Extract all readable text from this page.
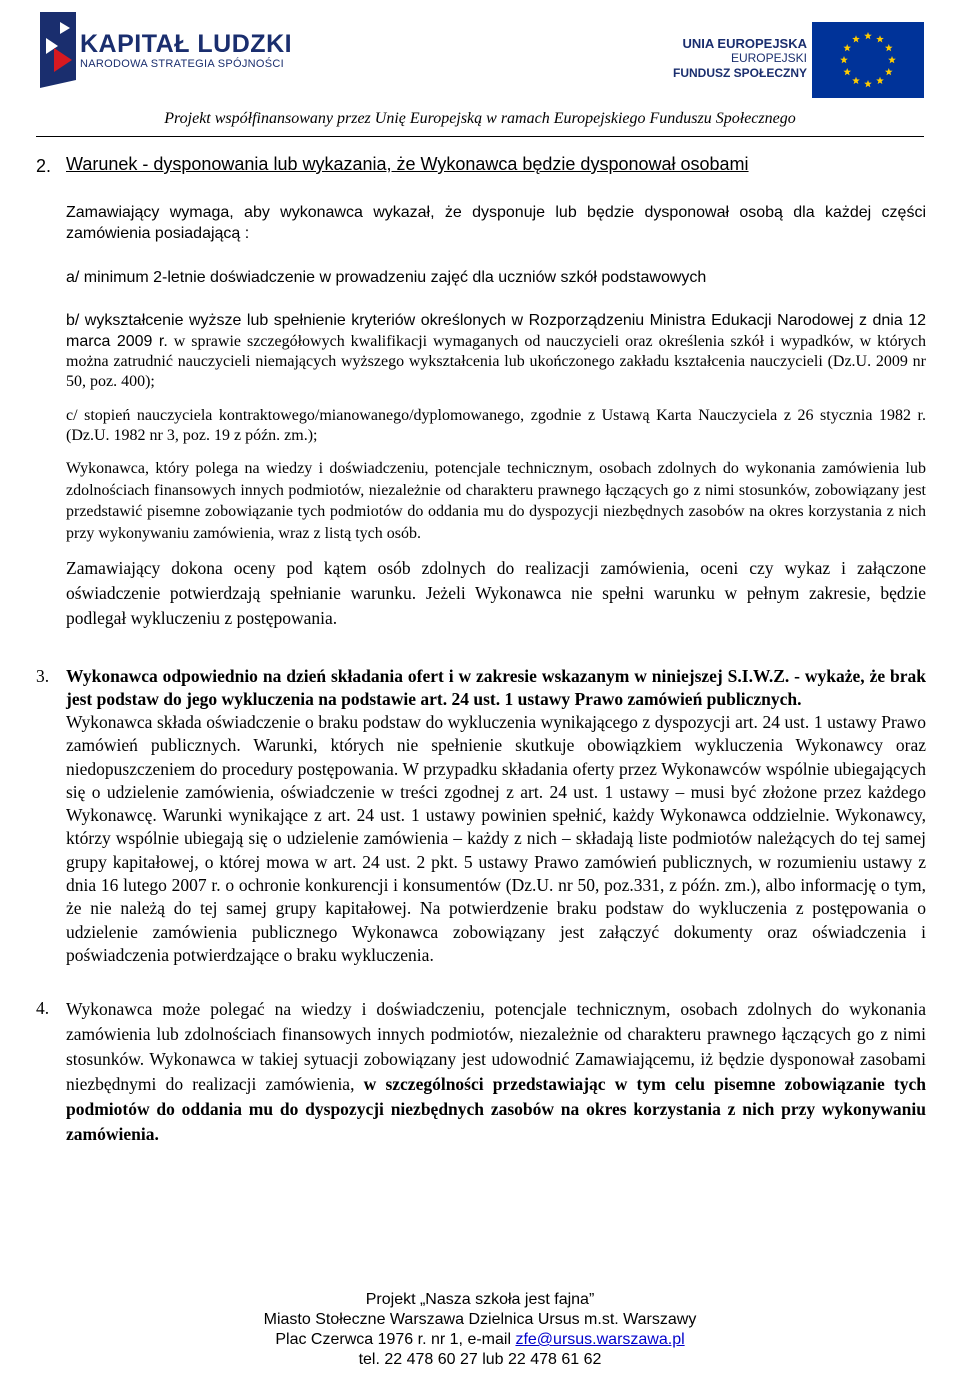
KAPITAŁ LUDZKI
NARODOWA STRATEGIA SPÓJNOŚCI
UNIA EUROPEJSKA
EUROPEJSKI
FUNDUSZ SPOŁECZNY
Projekt współfinansowany przez Unię Europejską w ramach Europejskiego Funduszu Społecznego
2. Warunek - dysponowania lub wykazania, że Wykonawca będzie dysponował osobami

Zamawiający wymaga, aby wykonawca wykazał, że dysponuje lub będzie dysponował osobą dla każdej części zamówienia posiadającą :

a/ minimum 2-letnie doświadczenie w prowadzeniu zajęć dla uczniów szkół podstawowych

b/ wykształcenie wyższe lub spełnienie kryteriów określonych w Rozporządzeniu Ministra Edukacji Narodowej z dnia 12 marca 2009 r. w sprawie szczegółowych kwalifikacji wymaganych od nauczycieli oraz określenia szkół i wypadków, w których można zatrudnić nauczycieli niemających wyższego wykształcenia lub ukończonego zakładu kształcenia nauczycieli (Dz.U. 2009 nr 50, poz. 400);

c/ stopień nauczyciela kontraktowego/mianowanego/dyplomowanego, zgodnie z Ustawą Karta Nauczyciela z 26 stycznia 1982 r. (Dz.U. 1982 nr 3, poz. 19 z późn. zm.);

Wykonawca, który polega na wiedzy i doświadczeniu, potencjale technicznym, osobach zdolnych do wykonania zamówienia lub zdolnościach finansowych innych podmiotów, niezależnie od charakteru prawnego łączących go z nimi stosunków, zobowiązany jest przedstawić pisemne zobowiązanie tych podmiotów do oddania mu do dyspozycji niezbędnych zasobów na okres korzystania z nich przy wykonywaniu zamówienia, wraz z listą tych osób.

Zamawiający dokona oceny pod kątem osób zdolnych do realizacji zamówienia, oceni czy wykaz i załączone oświadczenie potwierdzają spełnianie warunku. Jeżeli Wykonawca nie spełni warunku w pełnym zakresie, będzie podlegał wykluczeniu z postępowania.

3. Wykonawca odpowiednio na dzień składania ofert i w zakresie wskazanym w niniejszej S.I.W.Z. - wykaże, że brak jest podstaw do jego wykluczenia na podstawie art. 24 ust. 1 ustawy Prawo zamówień publicznych.

Wykonawca składa oświadczenie o braku podstaw do wykluczenia wynikającego z dyspozycji art. 24 ust. 1 ustawy Prawo zamówień publicznych. Warunki, których nie spełnienie skutkuje obowiązkiem wykluczenia Wykonawcy oraz niedopuszczeniem do procedury postępowania. W przypadku składania oferty przez Wykonawców wspólnie ubiegających się o udzielenie zamówienia, oświadczenie w treści zgodnej z art. 24 ust. 1 ustawy – musi być złożone przez każdego Wykonawcę. Warunki wynikające z art. 24 ust. 1 ustawy powinien spełnić, każdy Wykonawca oddzielnie. Wykonawcy, którzy wspólnie ubiegają się o udzielenie zamówienia – każdy z nich – składają liste podmiotów należących do tej samej grupy kapitałowej, o której mowa w art. 24 ust. 2 pkt. 5 ustawy Prawo zamówień publicznych, w rozumieniu ustawy z dnia 16 lutego 2007 r. o ochronie konkurencji i konsumentów (Dz.U. nr 50, poz.331, z późn. zm.), albo informację o tym, że nie należą do tej samej grupy kapitałowej. Na potwierdzenie braku podstaw do wykluczenia z postępowania o udzielenie zamówienia publicznego Wykonawca zobowiązany jest załączyć dokumenty oraz oświadczenia i poświadczenia potwierdzające o braku wykluczenia.

4. Wykonawca może polegać na wiedzy i doświadczeniu, potencjale technicznym, osobach zdolnych do wykonania zamówienia lub zdolnościach finansowych innych podmiotów, niezależnie od charakteru prawnego łączących go z nimi stosunków. Wykonawca w takiej sytuacji zobowiązany jest udowodnić Zamawiającemu, iż będzie dysponował zasobami niezbędnymi do realizacji zamówienia, w szczególności przedstawiając w tym celu pisemne zobowiązanie tych podmiotów do oddania mu do dyspozycji niezbędnych zasobów na okres korzystania z nich przy wykonywaniu zamówienia.

Projekt „Nasza szkoła jest fajna”
Miasto Stołeczne Warszawa Dzielnica Ursus m.st. Warszawy
Plac Czerwca 1976 r. nr 1, e-mail zfe@ursus.warszawa.pl
tel. 22 478 60 27 lub 22 478 61 62
